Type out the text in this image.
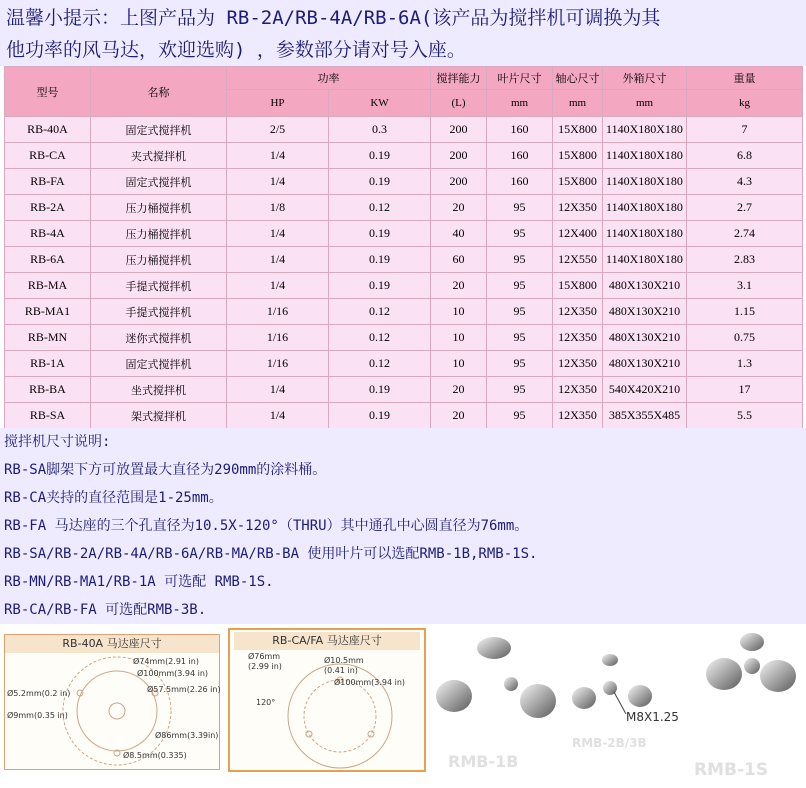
温馨小提示：上图产品为 RB-2A/RB-4A/RB-6A(该产品为搅拌机可调换为其
他功率的风马达，欢迎选购) ，参数部分请对号入座。
型号	名称	功率		搅拌能力	叶片尺寸	轴心尺寸	外箱尺寸	重量
		HP	KW	(L)	mm	mm	mm	kg
RB-40A	固定式搅拌机	2/5	0.3	200	160	15X800	1140X180X180	7
RB-CA	夹式搅拌机	1/4	0.19	200	160	15X800	1140X180X180	6.8
RB-FA	固定式搅拌机	1/4	0.19	200	160	15X800	1140X180X180	4.3
RB-2A	压力桶搅拌机	1/8	0.12	20	95	12X350	1140X180X180	2.7
RB-4A	压力桶搅拌机	1/4	0.19	40	95	12X400	1140X180X180	2.74
RB-6A	压力桶搅拌机	1/4	0.19	60	95	12X550	1140X180X180	2.83
RB-MA	手提式搅拌机	1/4	0.19	20	95	15X800	480X130X210	3.1
RB-MA1	手提式搅拌机	1/16	0.12	10	95	12X350	480X130X210	1.15
RB-MN	迷你式搅拌机	1/16	0.12	10	95	12X350	480X130X210	0.75
RB-1A	固定式搅拌机	1/16	0.12	10	95	12X350	480X130X210	1.3
RB-BA	坐式搅拌机	1/4	0.19	20	95	12X350	540X420X210	17
RB-SA	架式搅拌机	1/4	0.19	20	95	12X350	385X355X485	5.5
搅拌机尺寸说明:
RB-SA脚架下方可放置最大直径为290mm的涂料桶。
RB-CA夹持的直径范围是1-25mm。
RB-FA 马达座的三个孔直径为10.5X-120°（THRU）其中通孔中心圆直径为76mm。
RB-SA/RB-2A/RB-4A/RB-6A/RB-MA/RB-BA 使用叶片可以选配RMB-1B,RMB-1S.
RB-MN/RB-MA1/RB-1A 可选配 RMB-1S.
RB-CA/RB-FA 可选配RMB-3B.
RB-40A 马达座尺寸
Ø74mm(2.91 in)
Ø100mm(3.94 in)
Ø5.2mm(0.2 in)	Ø57.5mm(2.26 in)
Ø9mm(0.35 in)
Ø86mm(3.39in)
Ø8.5mm(0.335)
RB-CA/FA 马达座尺寸
Ø76mm
(2.99 in)
Ø10.5mm
(0.41 in)
Ø100mm(3.94 in)
120°
M8X1.25
RMB-1B
RMB-2B/3B
RMB-1S
